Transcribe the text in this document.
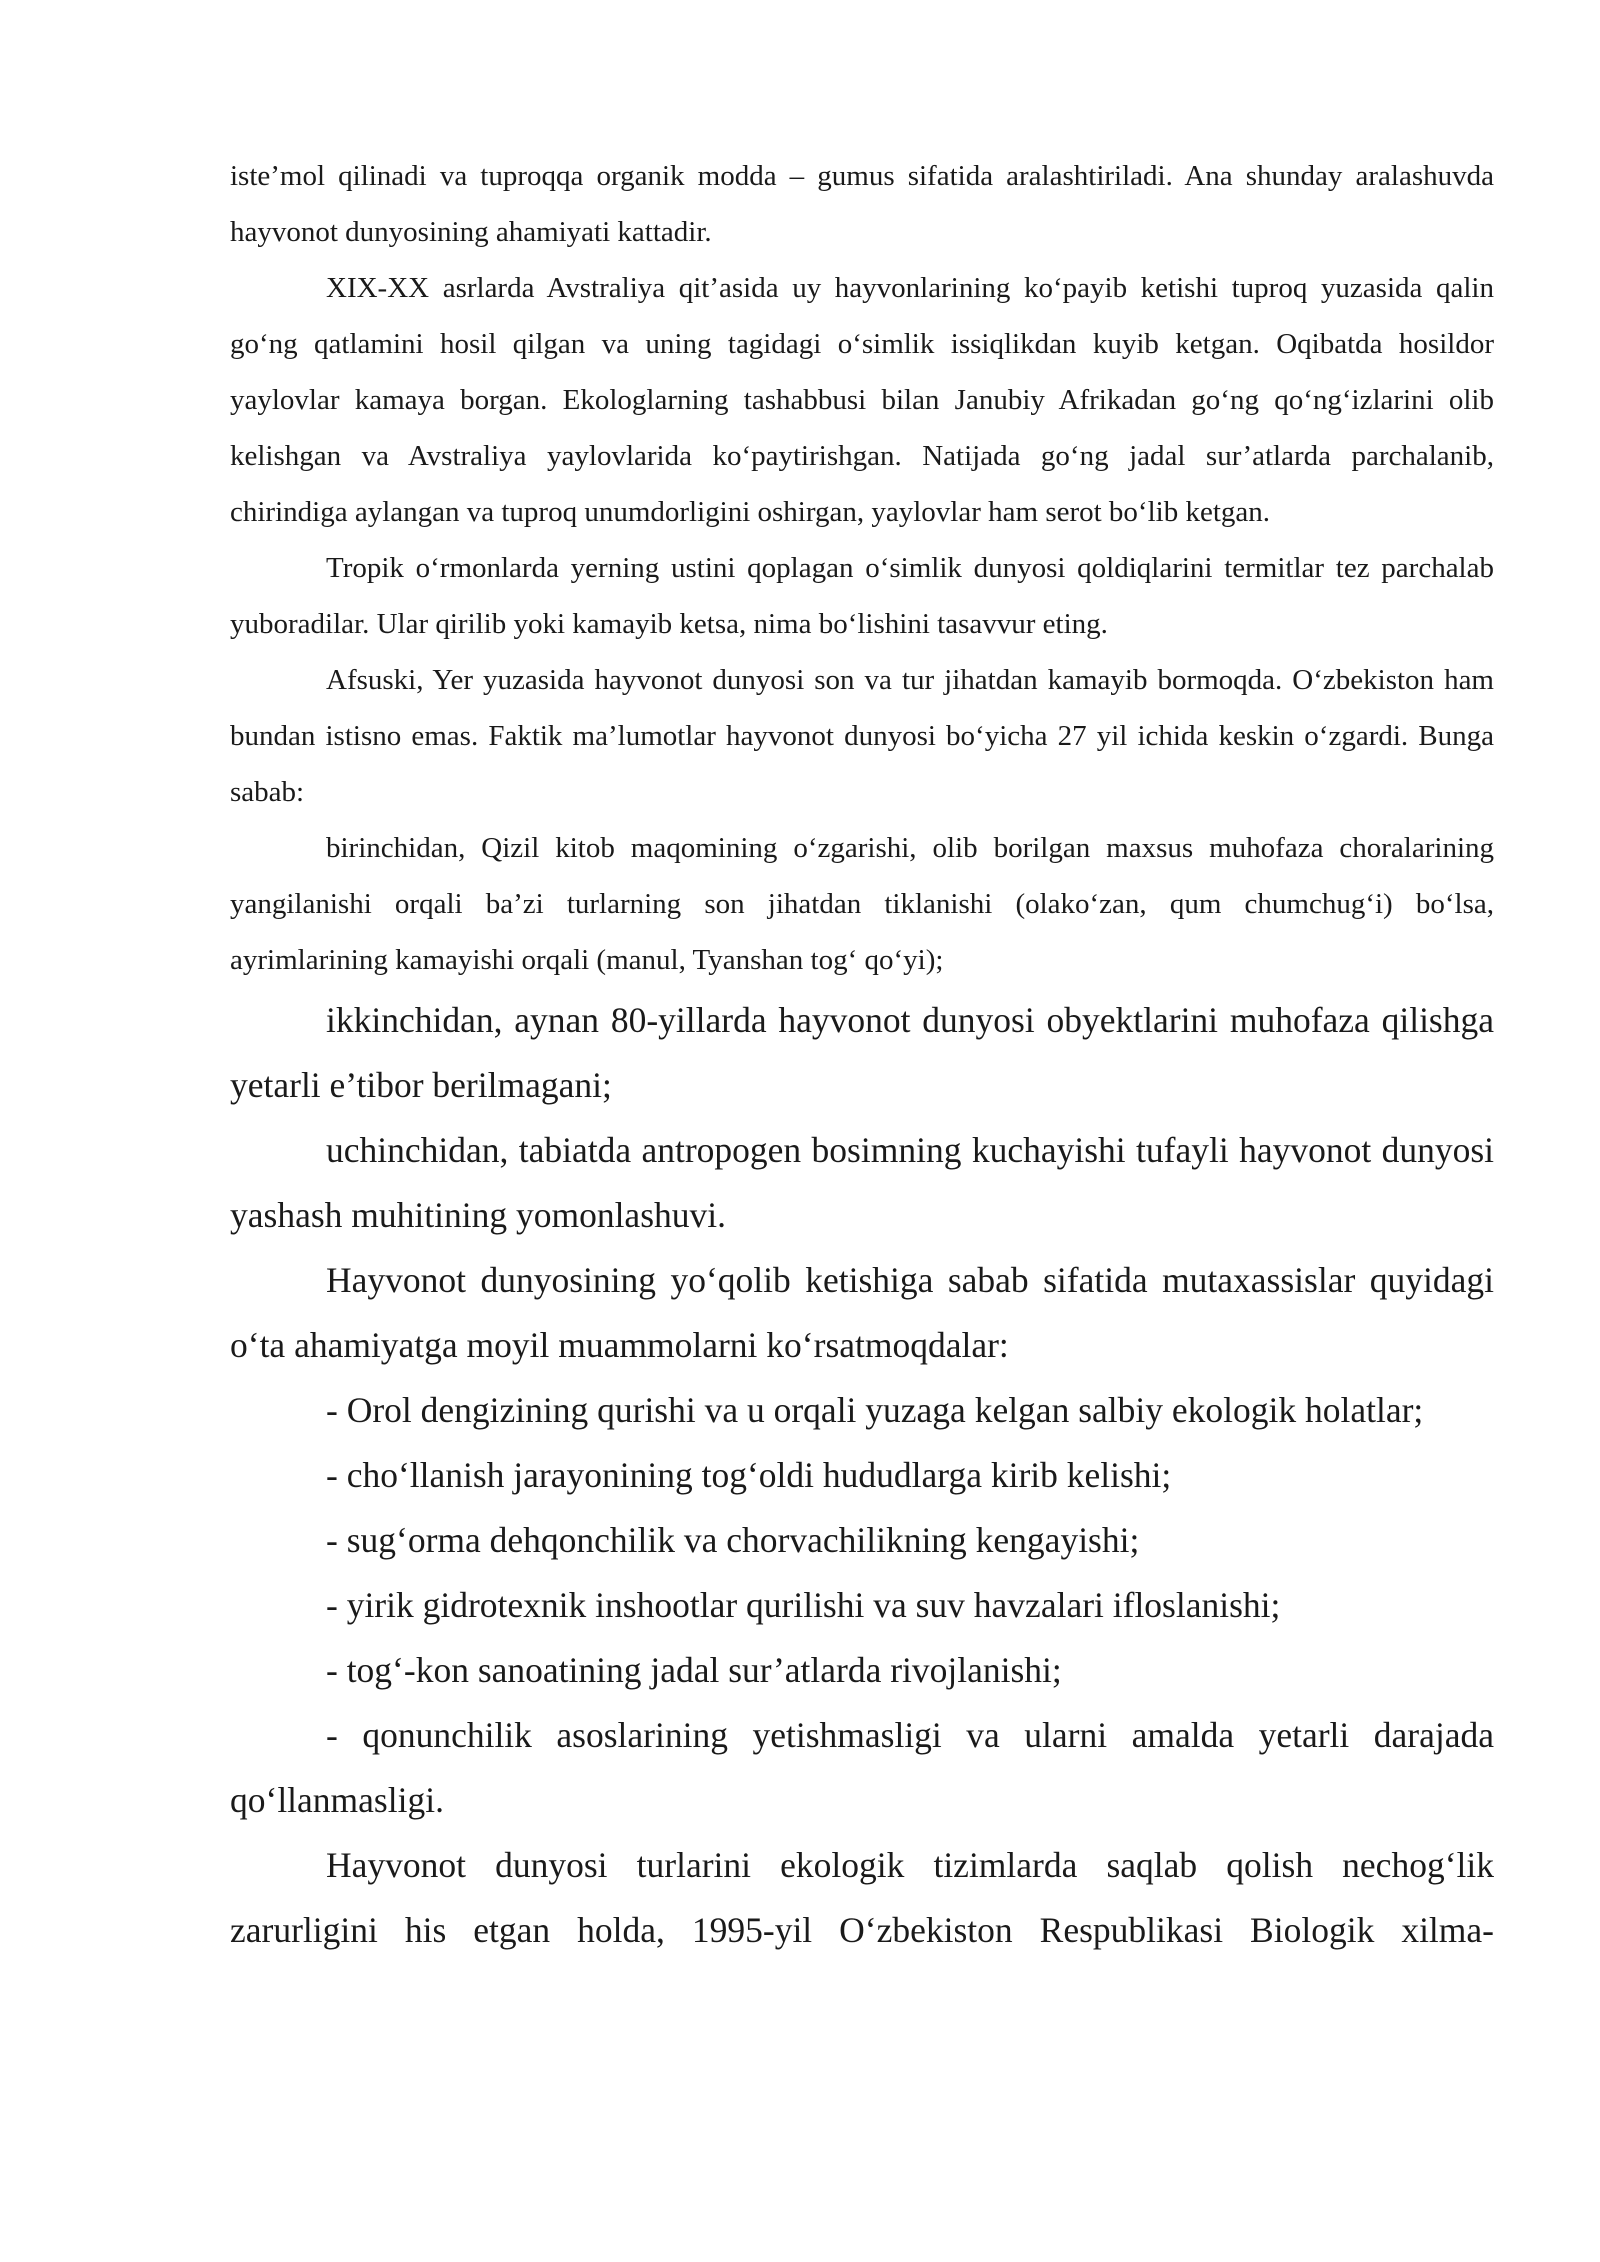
iste’mol qilinadi va tuproqqa organik modda – gumus sifatida aralashtiriladi. Ana shunday aralashuvda hayvonot dunyosining ahamiyati kattadir.

XIX-XX asrlarda Avstraliya qit’asida uy hayvonlarining ko‘payib ketishi tuproq yuzasida qalin go‘ng qatlamini hosil qilgan va uning tagidagi o‘simlik issiqlikdan kuyib ketgan. Oqibatda hosildor yaylovlar kamaya borgan. Ekologlarning tashabbusi bilan Janubiy Afrikadan go‘ng qo‘ng‘izlarini olib kelishgan va Avstraliya yaylovlarida ko‘paytirishgan. Natijada go‘ng jadal sur’atlarda parchalanib, chirindiga aylangan va tuproq unumdorligini oshirgan, yaylovlar ham serot bo‘lib ketgan.

Tropik o‘rmonlarda yerning ustini qoplagan o‘simlik dunyosi qoldiqlarini termitlar tez parchalab yuboradilar. Ular qirilib yoki kamayib ketsa, nima bo‘lishini tasavvur eting.

Afsuski, Yer yuzasida hayvonot dunyosi son va tur jihatdan kamayib bormoqda. O‘zbekiston ham bundan istisno emas. Faktik ma’lumotlar hayvonot dunyosi bo‘yicha 27 yil ichida keskin o‘zgardi. Bunga sabab:

birinchidan, Qizil kitob maqomining o‘zgarishi, olib borilgan maxsus muhofaza choralarining yangilanishi orqali ba’zi turlarning son jihatdan tiklanishi (olako‘zan, qum chumchug‘i) bo‘lsa, ayrimlarining kamayishi orqali (manul, Tyanshan tog‘ qo‘yi);

ikkinchidan, aynan 80-yillarda hayvonot dunyosi obyektlarini muhofaza qilishga yetarli e’tibor berilmagani;

uchinchidan, tabiatda antropogen bosimning kuchayishi tufayli hayvonot dunyosi yashash muhitining yomonlashuvi.

Hayvonot dunyosining yo‘qolib ketishiga sabab sifatida mutaxassislar quyidagi o‘ta ahamiyatga moyil muammolarni ko‘rsatmoqdalar:

- Orol dengizining qurishi va u orqali yuzaga kelgan salbiy ekologik holatlar;

- cho‘llanish jarayonining tog‘oldi hududlarga kirib kelishi;

- sug‘orma dehqonchilik va chorvachilikning kengayishi;

- yirik gidrotexnik inshootlar qurilishi va suv havzalari ifloslanishi;

- tog‘-kon sanoatining jadal sur’atlarda rivojlanishi;

- qonunchilik asoslarining yetishmasligi va ularni amalda yetarli darajada qo‘llanmasligi.

Hayvonot dunyosi turlarini ekologik tizimlarda saqlab qolish nechog‘lik zarurligini his etgan holda, 1995-yil O‘zbekiston Respublikasi Biologik xilma-
